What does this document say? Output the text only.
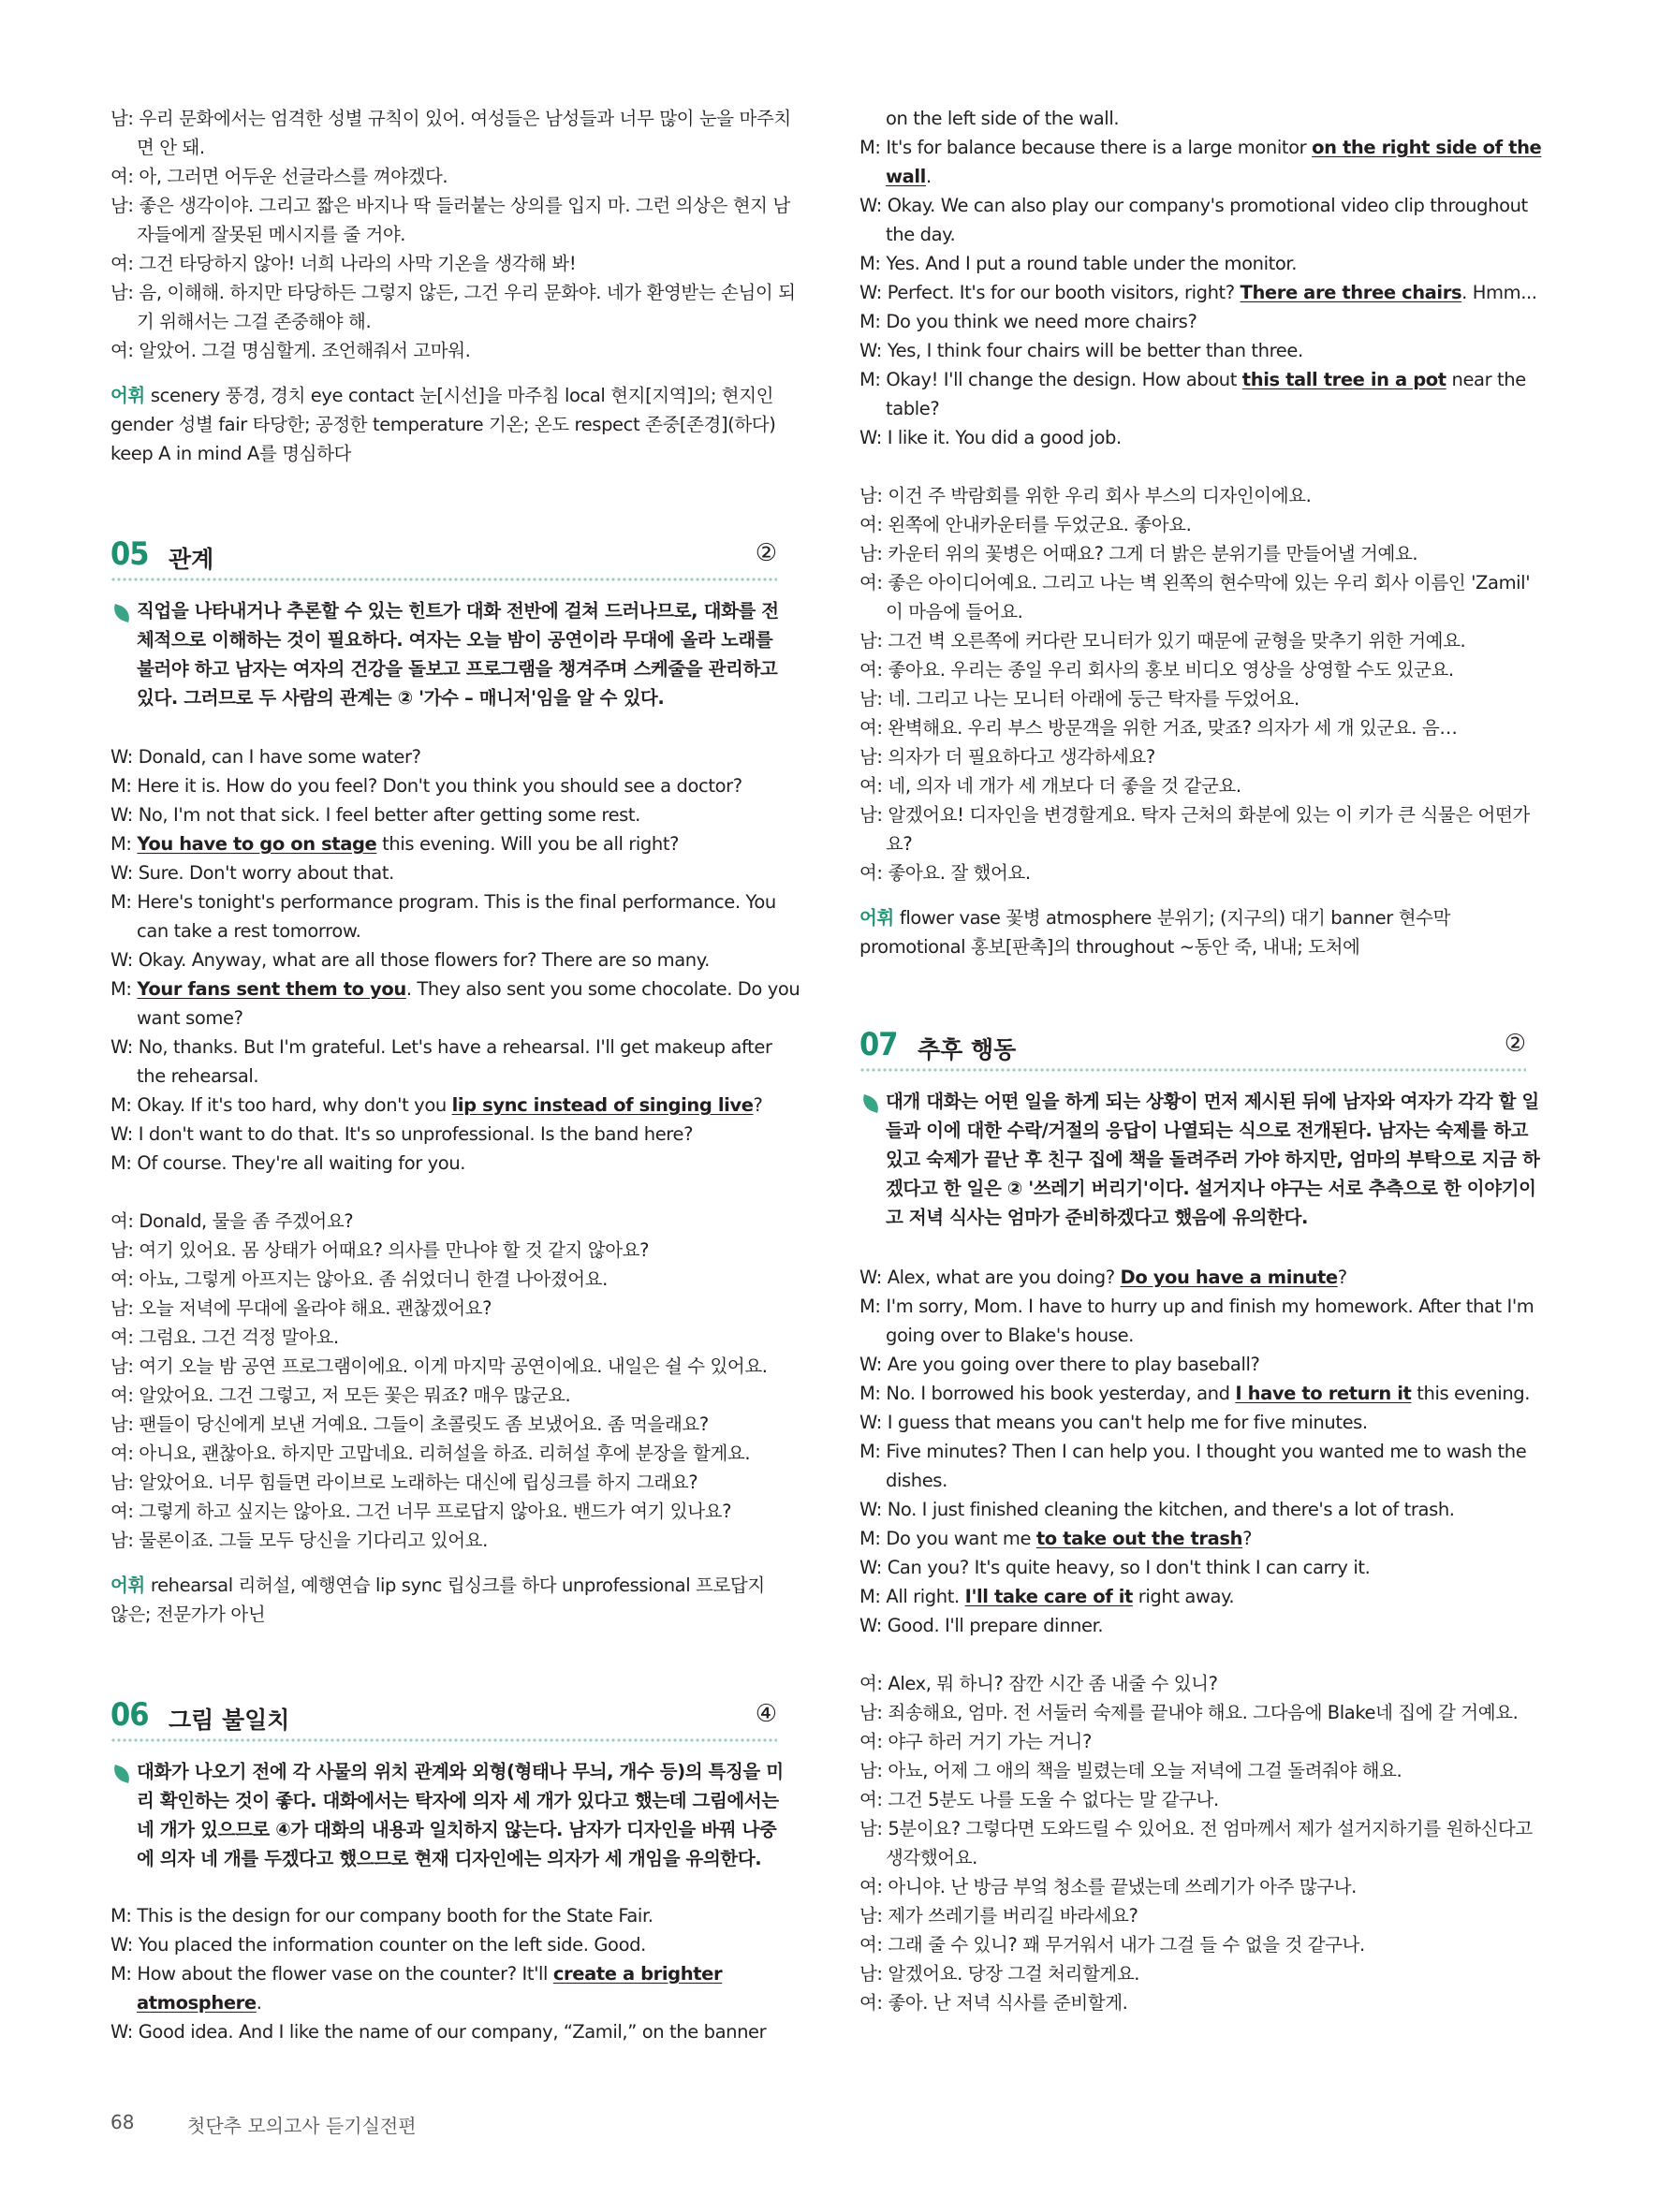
남: 우리 문화에서는 엄격한 성별 규칙이 있어. 여성들은 남성들과 너무 많이 눈을 마주치
면 안 돼.
여: 아, 그러면 어두운 선글라스를 껴야겠다.
남: 좋은 생각이야. 그리고 짧은 바지나 딱 들러붙는 상의를 입지 마. 그런 의상은 현지 남
자들에게 잘못된 메시지를 줄 거야.
여: 그건 타당하지 않아! 너희 나라의 사막 기온을 생각해 봐!
남: 음, 이해해. 하지만 타당하든 그렇지 않든, 그건 우리 문화야. 네가 환영받는 손님이 되
기 위해서는 그걸 존중해야 해.
여: 알았어. 그걸 명심할게. 조언해줘서 고마워.
어휘 scenery 풍경, 경치 eye contact 눈[시선]을 마주침 local 현지[지역]의; 현지인
gender 성별 fair 타당한; 공정한 temperature 기온; 온도 respect 존중[존경](하다)
keep A in mind A를 명심하다
05 관계	②
직업을 나타내거나 추론할 수 있는 힌트가 대화 전반에 걸쳐 드러나므로, 대화를 전
체적으로 이해하는 것이 필요하다. 여자는 오늘 밤이 공연이라 무대에 올라 노래를
불러야 하고 남자는 여자의 건강을 돌보고 프로그램을 챙겨주며 스케줄을 관리하고
있다. 그러므로 두 사람의 관계는 ② '가수 – 매니저'임을 알 수 있다.
W: Donald, can I have some water?
M: Here it is. How do you feel? Don't you think you should see a doctor?
W: No, I'm not that sick. I feel better after getting some rest.
M: You have to go on stage this evening. Will you be all right?
W: Sure. Don't worry about that.
M: Here's tonight's performance program. This is the final performance. You
can take a rest tomorrow.
W: Okay. Anyway, what are all those flowers for? There are so many.
M: Your fans sent them to you. They also sent you some chocolate. Do you
want some?
W: No, thanks. But I'm grateful. Let's have a rehearsal. I'll get makeup after
the rehearsal.
M: Okay. If it's too hard, why don't you lip sync instead of singing live?
W: I don't want to do that. It's so unprofessional. Is the band here?
M: Of course. They're all waiting for you.
여: Donald, 물을 좀 주겠어요?
남: 여기 있어요. 몸 상태가 어때요? 의사를 만나야 할 것 같지 않아요?
여: 아뇨, 그렇게 아프지는 않아요. 좀 쉬었더니 한결 나아졌어요.
남: 오늘 저녁에 무대에 올라야 해요. 괜찮겠어요?
여: 그럼요. 그건 걱정 말아요.
남: 여기 오늘 밤 공연 프로그램이에요. 이게 마지막 공연이에요. 내일은 쉴 수 있어요.
여: 알았어요. 그건 그렇고, 저 모든 꽃은 뭐죠? 매우 많군요.
남: 팬들이 당신에게 보낸 거예요. 그들이 초콜릿도 좀 보냈어요. 좀 먹을래요?
여: 아니요, 괜찮아요. 하지만 고맙네요. 리허설을 하죠. 리허설 후에 분장을 할게요.
남: 알았어요. 너무 힘들면 라이브로 노래하는 대신에 립싱크를 하지 그래요?
여: 그렇게 하고 싶지는 않아요. 그건 너무 프로답지 않아요. 밴드가 여기 있나요?
남: 물론이죠. 그들 모두 당신을 기다리고 있어요.
어휘 rehearsal 리허설, 예행연습 lip sync 립싱크를 하다 unprofessional 프로답지
않은; 전문가가 아닌
06 그림 불일치	④
대화가 나오기 전에 각 사물의 위치 관계와 외형(형태나 무늬, 개수 등)의 특징을 미
리 확인하는 것이 좋다. 대화에서는 탁자에 의자 세 개가 있다고 했는데 그림에서는
네 개가 있으므로 ④가 대화의 내용과 일치하지 않는다. 남자가 디자인을 바꿔 나중
에 의자 네 개를 두겠다고 했으므로 현재 디자인에는 의자가 세 개임을 유의한다.
M: This is the design for our company booth for the State Fair.
W: You placed the information counter on the left side. Good.
M: How about the flower vase on the counter? It'll create a brighter
atmosphere.
W: Good idea. And I like the name of our company, “Zamil,” on the banner
on the left side of the wall.
M: It's for balance because there is a large monitor on the right side of the
wall.
W: Okay. We can also play our company's promotional video clip throughout
the day.
M: Yes. And I put a round table under the monitor.
W: Perfect. It's for our booth visitors, right? There are three chairs. Hmm...
M: Do you think we need more chairs?
W: Yes, I think four chairs will be better than three.
M: Okay! I'll change the design. How about this tall tree in a pot near the
table?
W: I like it. You did a good job.
남: 이건 주 박람회를 위한 우리 회사 부스의 디자인이에요.
여: 왼쪽에 안내카운터를 두었군요. 좋아요.
남: 카운터 위의 꽃병은 어때요? 그게 더 밝은 분위기를 만들어낼 거예요.
여: 좋은 아이디어예요. 그리고 나는 벽 왼쪽의 현수막에 있는 우리 회사 이름인 'Zamil'
이 마음에 들어요.
남: 그건 벽 오른쪽에 커다란 모니터가 있기 때문에 균형을 맞추기 위한 거예요.
여: 좋아요. 우리는 종일 우리 회사의 홍보 비디오 영상을 상영할 수도 있군요.
남: 네. 그리고 나는 모니터 아래에 둥근 탁자를 두었어요.
여: 완벽해요. 우리 부스 방문객을 위한 거죠, 맞죠? 의자가 세 개 있군요. 음…
남: 의자가 더 필요하다고 생각하세요?
여: 네, 의자 네 개가 세 개보다 더 좋을 것 같군요.
남: 알겠어요! 디자인을 변경할게요. 탁자 근처의 화분에 있는 이 키가 큰 식물은 어떤가
요?
여: 좋아요. 잘 했어요.
어휘 flower vase 꽃병 atmosphere 분위기; (지구의) 대기 banner 현수막
promotional 홍보[판촉]의 throughout ~동안 죽, 내내; 도처에
07 추후 행동	②
대개 대화는 어떤 일을 하게 되는 상황이 먼저 제시된 뒤에 남자와 여자가 각각 할 일
들과 이에 대한 수락/거절의 응답이 나열되는 식으로 전개된다. 남자는 숙제를 하고
있고 숙제가 끝난 후 친구 집에 책을 돌려주러 가야 하지만, 엄마의 부탁으로 지금 하
겠다고 한 일은 ② '쓰레기 버리기'이다. 설거지나 야구는 서로 추측으로 한 이야기이
고 저녁 식사는 엄마가 준비하겠다고 했음에 유의한다.
W: Alex, what are you doing? Do you have a minute?
M: I'm sorry, Mom. I have to hurry up and finish my homework. After that I'm
going over to Blake's house.
W: Are you going over there to play baseball?
M: No. I borrowed his book yesterday, and I have to return it this evening.
W: I guess that means you can't help me for five minutes.
M: Five minutes? Then I can help you. I thought you wanted me to wash the
dishes.
W: No. I just finished cleaning the kitchen, and there's a lot of trash.
M: Do you want me to take out the trash?
W: Can you? It's quite heavy, so I don't think I can carry it.
M: All right. I'll take care of it right away.
W: Good. I'll prepare dinner.
여: Alex, 뭐 하니? 잠깐 시간 좀 내줄 수 있니?
남: 죄송해요, 엄마. 전 서둘러 숙제를 끝내야 해요. 그다음에 Blake네 집에 갈 거예요.
여: 야구 하러 거기 가는 거니?
남: 아뇨, 어제 그 애의 책을 빌렸는데 오늘 저녁에 그걸 돌려줘야 해요.
여: 그건 5분도 나를 도울 수 없다는 말 같구나.
남: 5분이요? 그렇다면 도와드릴 수 있어요. 전 엄마께서 제가 설거지하기를 원하신다고
생각했어요.
여: 아니야. 난 방금 부엌 청소를 끝냈는데 쓰레기가 아주 많구나.
남: 제가 쓰레기를 버리길 바라세요?
여: 그래 줄 수 있니? 꽤 무거워서 내가 그걸 들 수 없을 것 같구나.
남: 알겠어요. 당장 그걸 처리할게요.
여: 좋아. 난 저녁 식사를 준비할게.
68	첫단추 모의고사 듣기실전편
